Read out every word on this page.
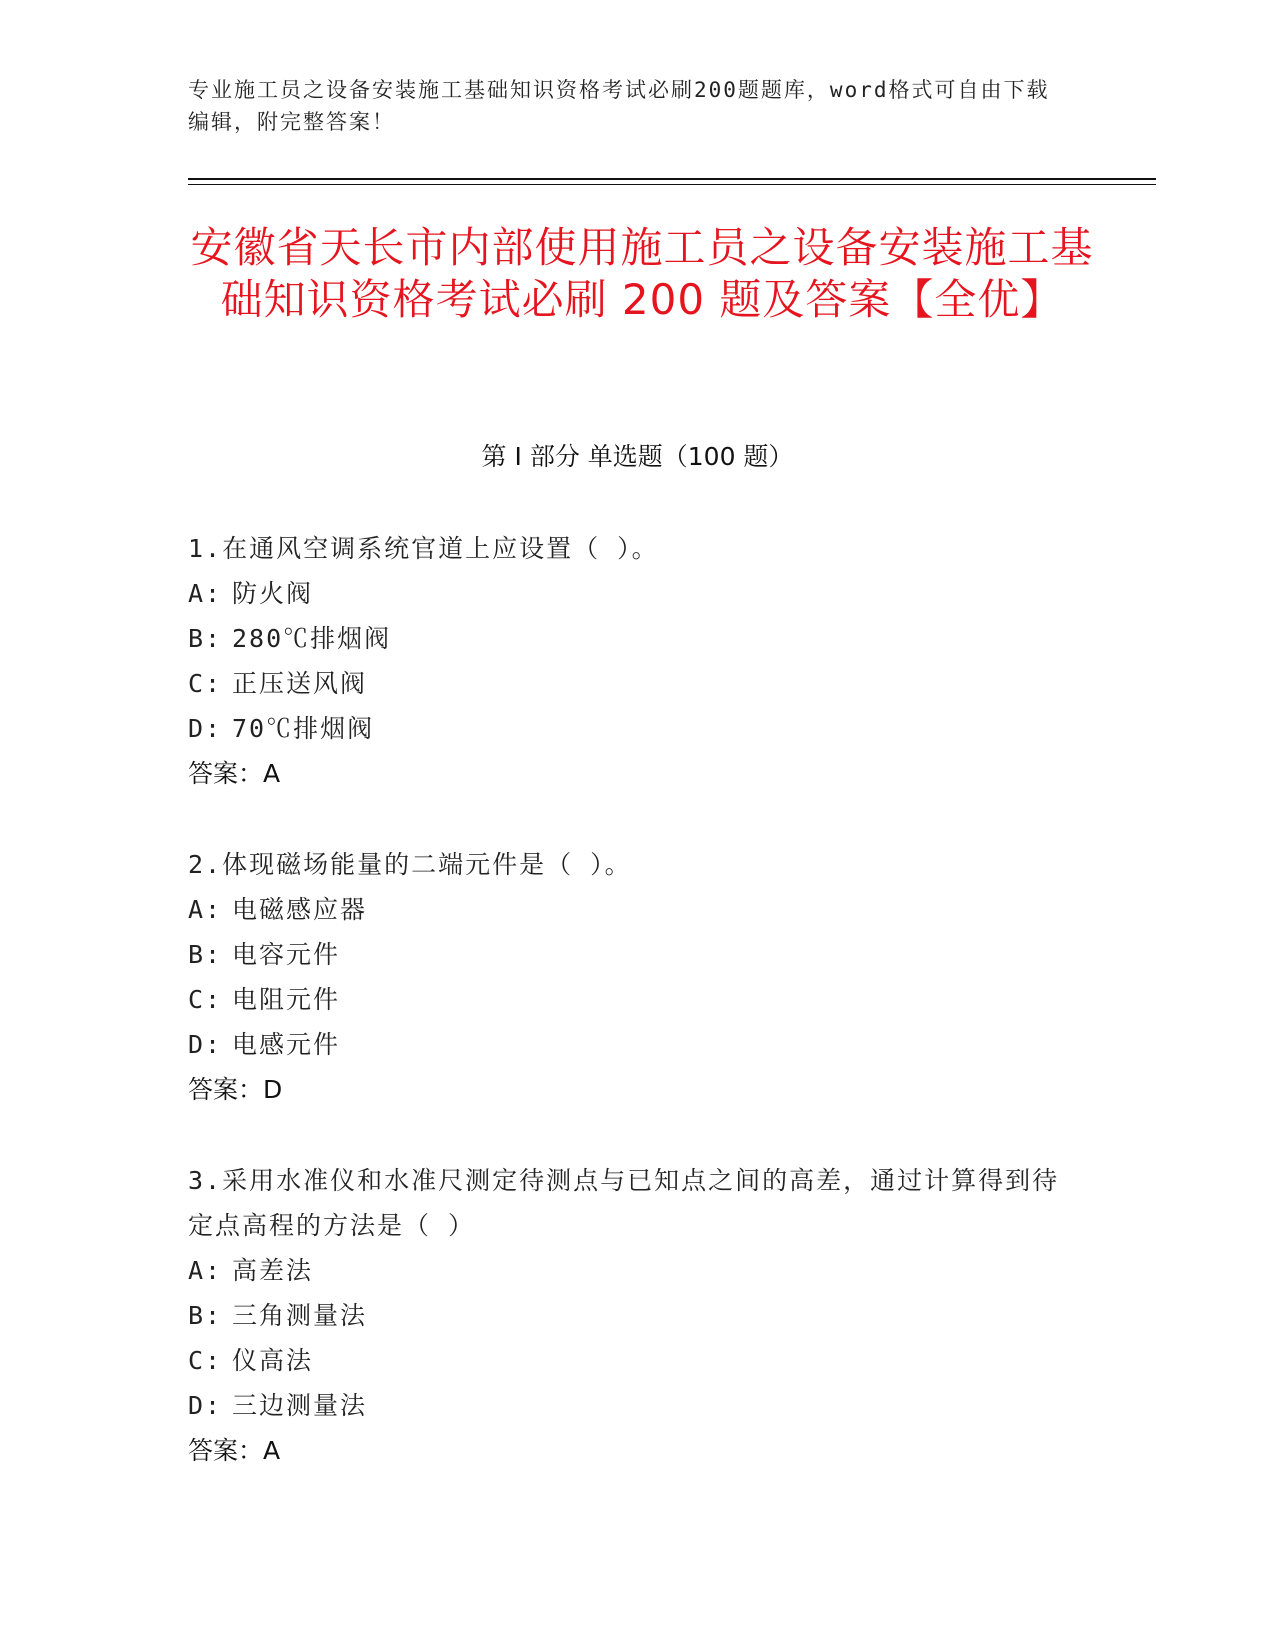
专业施工员之设备安装施工基础知识资格考试必刷200题题库，word格式可自由下载编辑，附完整答案！
安徽省天长市内部使用施工员之设备安装施工基础知识资格考试必刷 200 题及答案【全优】
第 I 部分 单选题（100 题）
1.在通风空调系统官道上应设置（ ）。
A: 防火阀
B: 280℃排烟阀
C: 正压送风阀
D: 70℃排烟阀
答案：A
2.体现磁场能量的二端元件是（ ）。
A: 电磁感应器
B: 电容元件
C: 电阻元件
D: 电感元件
答案：D
3.采用水准仪和水准尺测定待测点与已知点之间的高差，通过计算得到待定点高程的方法是（ ）
A: 高差法
B: 三角测量法
C: 仪高法
D: 三边测量法
答案：A
